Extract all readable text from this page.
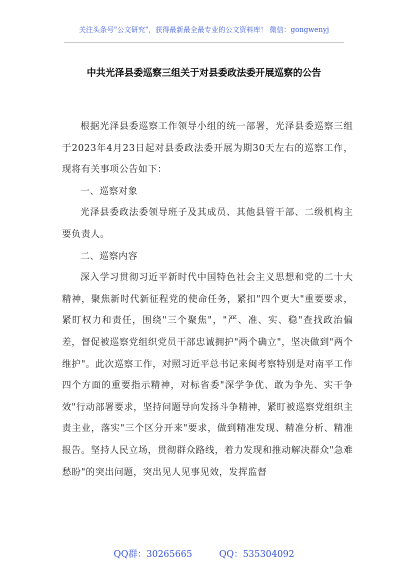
关注头条号"公文研究"，获得最新最全最专业的公文资料库！ 微信：gongwenyj
中共光泽县委巡察三组关于对县委政法委开展巡察的公告

根据光泽县委巡察工作领导小组的统一部署，光泽县委巡察三组于2023年4月23日起对县委政法委开展为期30天左右的巡察工作，现将有关事项公告如下：

一、巡察对象

光泽县委政法委领导班子及其成员、其他县管干部、二级机构主要负责人。

二、巡察内容

深入学习贯彻习近平新时代中国特色社会主义思想和党的二十大精神，聚焦新时代新征程党的使命任务，紧扣"四个更大"重要要求，紧盯权力和责任，围绕"三个聚焦"，"严、准、实、稳"查找政治偏差，督促被巡察党组织党员干部忠诚拥护"两个确立"，坚决做到"两个维护"。此次巡察工作，对照习近平总书记来闽考察特别是对南平工作四个方面的重要指示精神，对标省委"深学争优、敢为争先、实干争效"行动部署要求，坚持问题导向发扬斗争精神，紧盯被巡察党组织主责主业，落实"三个区分开来"要求，做到精准发现、精准分析、精准报告。坚持人民立场，贯彻群众路线，着力发现和推动解决群众"急难愁盼"的突出问题，突出见人见事见效，发挥监督

QQ群：30265665	QQ：535304092
